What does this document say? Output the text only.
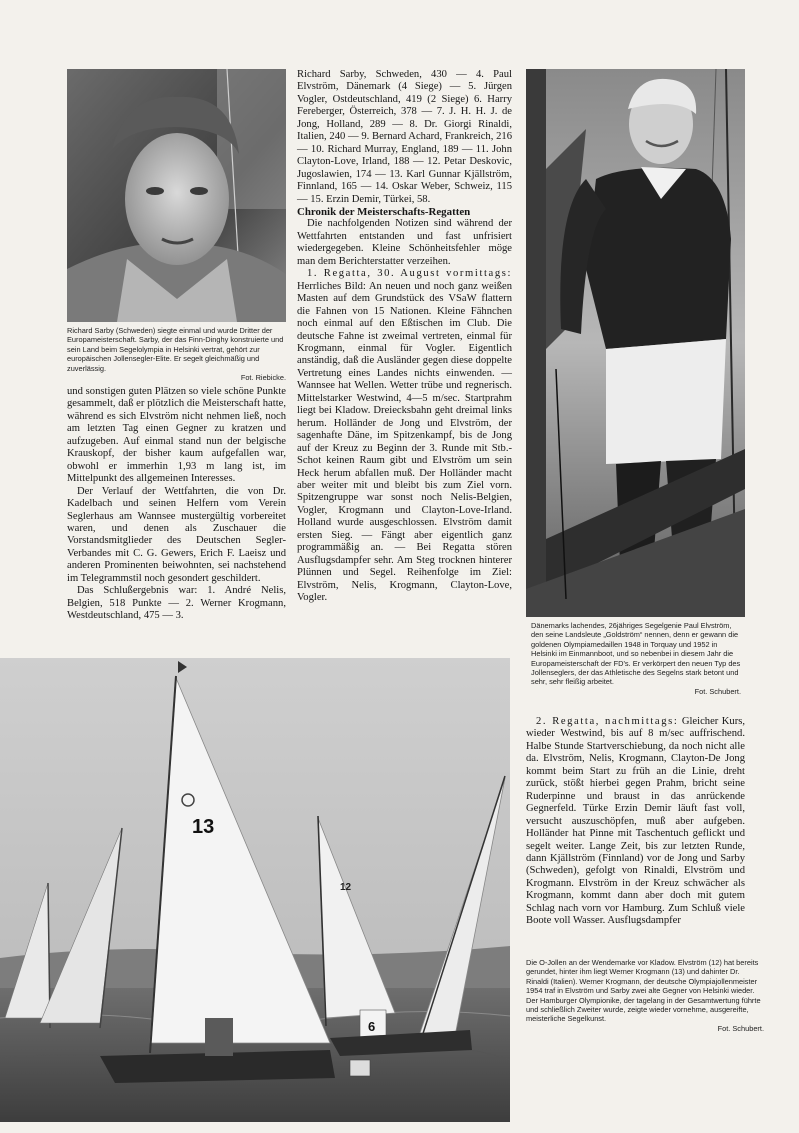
Richard Sarby (Schweden) siegte einmal und wurde Dritter der Europameisterschaft. Sarby, der das Finn-Dinghy konstruierte und sein Land beim Segelolympia in Helsinki vertrat, gehört zur europäischen Jollensegler-Elite. Er segelt gleichmäßig und zuverlässig.
Fot. Riebicke.
Dänemarks lachendes, 26jähriges Segelgenie Paul Elvström, den seine Landsleute „Goldström“ nennen, denn er gewann die goldenen Olympiamedaillen 1948 in Torquay und 1952 in Helsinki im Einmannboot, und so nebenbei in diesem Jahr die Europameisterschaft der FD’s. Er verkörpert den neuen Typ des Jollenseglers, der das Athletische des Segelns stark betont und sehr, sehr fleißig arbeitet.
Fot. Schubert.
13
12
6
Die O-Jollen an der Wendemarke vor Kladow. Elvström (12) hat bereits gerundet, hinter ihm liegt Werner Krogmann (13) und dahinter Dr. Rinaldi (Italien). Werner Krogmann, der deutsche Olympiajollenmeister 1954 traf in Elvström und Sarby zwei alte Gegner von Helsinki wieder. Der Hamburger Olympionike, der tagelang in der Gesamtwertung führte und schließlich Zweiter wurde, zeigte wieder vornehme, ausgereifte, meisterliche Segelkunst.
Fot. Schubert.

und sonstigen guten Plätzen so viele schöne Punkte gesammelt, daß er plötzlich die Meisterschaft hatte, während es sich Elvström nicht nehmen ließ, noch am letzten Tag einen Gegner zu kratzen und aufzugeben. Auf einmal stand nun der belgische Krauskopf, der bisher kaum aufgefallen war, obwohl er immerhin 1,93 m lang ist, im Mittelpunkt des allgemeinen Interesses.

Der Verlauf der Wettfahrten, die von Dr. Kadelbach und seinen Helfern vom Verein Seglerhaus am Wannsee mustergültig vorbereitet waren, und denen als Zuschauer die Vorstandsmitglieder des Deutschen Segler-Verbandes mit C. G. Gewers, Erich F. Laeisz und anderen Prominenten beiwohnten, sei nachstehend im Telegrammstil noch gesondert geschildert.

Das Schlußergebnis war: 1. André Nelis, Belgien, 518 Punkte — 2. Werner Krogmann, Westdeutschland, 475 — 3.

Richard Sarby, Schweden, 430 — 4. Paul Elvström, Dänemark (4 Siege) — 5. Jürgen Vogler, Ostdeutschland, 419 (2 Siege) 6. Harry Fereberger, Österreich, 378 — 7. J. H. H. J. de Jong, Holland, 289 — 8. Dr. Giorgi Rinaldi, Italien, 240 — 9. Bernard Achard, Frankreich, 216 — 10. Richard Murray, England, 189 — 11. John Clayton-Love, Irland, 188 — 12. Petar Deskovic, Jugoslawien, 174 — 13. Karl Gunnar Kjällström, Finnland, 165 — 14. Oskar Weber, Schweiz, 115 — 15. Erzin Demir, Türkei, 58.

Chronik der Meisterschafts-Regatten

Die nachfolgenden Notizen sind während der Wettfahrten entstanden und fast unfrisiert wiedergegeben. Kleine Schönheitsfehler möge man dem Berichterstatter verzeihen.

1. Regatta, 30. August vormittags: Herrliches Bild: An neuen und noch ganz weißen Masten auf dem Grundstück des VSaW flattern die Fahnen von 15 Nationen. Kleine Fähnchen noch einmal auf den Eßtischen im Club. Die deutsche Fahne ist zweimal vertreten, einmal für Krogmann, einmal für Vogler. Eigentlich anständig, daß die Ausländer gegen diese doppelte Vertretung eines Landes nichts einwenden. — Wannsee hat Wellen. Wetter trübe und regnerisch. Mittelstarker Westwind, 4—5 m/sec. Startprahm liegt bei Kladow. Dreiecksbahn geht dreimal links herum. Holländer de Jong und Elvström, der sagenhafte Däne, im Spitzenkampf, bis de Jong auf der Kreuz zu Beginn der 3. Runde mit Stb.-Schot keinen Raum gibt und Elvström um sein Heck herum abfallen muß. Der Holländer macht aber weiter mit und bleibt bis zum Ziel vorn. Spitzengruppe war sonst noch Nelis-Belgien, Vogler, Krogmann und Clayton-Love-Irland. Holland wurde ausgeschlossen. Elvström damit ersten Sieg. — Fängt aber eigentlich ganz programmäßig an. — Bei Regatta stören Ausflugsdampfer sehr. Am Steg trocknen hinterer Plünnen und Segel. Reihenfolge im Ziel: Elvström, Nelis, Krogmann, Clayton-Love, Vogler.

2. Regatta, nachmittags: Gleicher Kurs, wieder Westwind, bis auf 8 m/sec auffrischend. Halbe Stunde Startverschiebung, da noch nicht alle da. Elvström, Nelis, Krogmann, Clayton-De Jong kommt beim Start zu früh an die Linie, dreht zurück, stößt hierbei gegen Prahm, bricht seine Ruderpinne und braust in das anrückende Gegnerfeld. Türke Erzin Demir läuft fast voll, versucht auszuschöpfen, muß aber aufgeben. Holländer hat Pinne mit Taschentuch geflickt und segelt weiter. Lange Zeit, bis zur letzten Runde, dann Kjällström (Finnland) vor de Jong und Sarby (Schweden), gefolgt von Rinaldi, Elvström und Krogmann. Elvström in der Kreuz schwächer als Krogmann, kommt dann aber doch mit gutem Schlag nach vorn vor Hamburg. Zum Schluß viele Boote voll Wasser. Ausflugsdampfer
